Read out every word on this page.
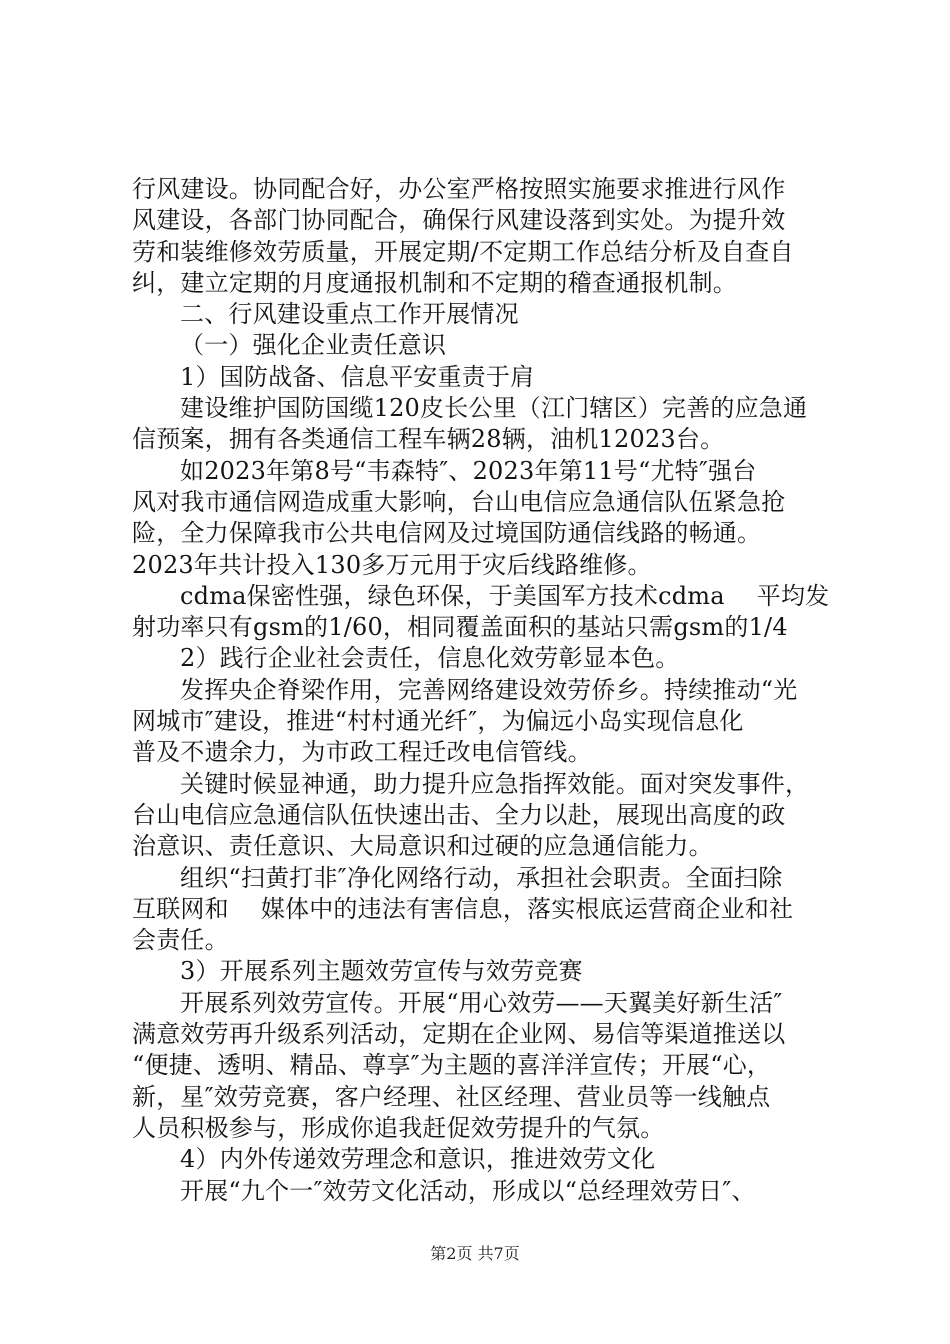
行风建设。协同配合好，办公室严格按照实施要求推进行风作
风建设，各部门协同配合，确保行风建设落到实处。为提升效
劳和装维修效劳质量，开展定期/不定期工作总结分析及自查自
纠，建立定期的月度通报机制和不定期的稽查通报机制。
二、行风建设重点工作开展情况
（一）强化企业责任意识
1）国防战备、信息平安重责于肩
建设维护国防国缆120皮长公里（江门辖区）完善的应急通
信预案，拥有各类通信工程车辆28辆，油机12023台。
如2023年第8号“韦森特″、2023年第11号“尤特″强台
风对我市通信网造成重大影响，台山电信应急通信队伍紧急抢
险，全力保障我市公共电信网及过境国防通信线路的畅通。
2023年共计投入130多万元用于灾后线路维修。
cdma保密性强，绿色环保，于美国军方技术cdma　 平均发
射功率只有gsm的1/60，相同覆盖面积的基站只需gsm的1/4
2）践行企业社会责任，信息化效劳彰显本色。
发挥央企脊梁作用，完善网络建设效劳侨乡。持续推动“光
网城市″建设，推进“村村通光纤″，为偏远小岛实现信息化
普及不遗余力，为市政工程迁改电信管线。
关键时候显神通，助力提升应急指挥效能。面对突发事件，
台山电信应急通信队伍快速出击、全力以赴，展现出高度的政
治意识、责任意识、大局意识和过硬的应急通信能力。
组织“扫黄打非″净化网络行动，承担社会职责。全面扫除
互联网和　 媒体中的违法有害信息，落实根底运营商企业和社
会责任。
3）开展系列主题效劳宣传与效劳竞赛
开展系列效劳宣传。开展“用心效劳——天翼美好新生活″
满意效劳再升级系列活动，定期在企业网、易信等渠道推送以
“便捷、透明、精品、尊享″为主题的喜洋洋宣传；开展“心，
新，星″效劳竞赛，客户经理、社区经理、营业员等一线触点
人员积极参与，形成你追我赶促效劳提升的气氛。
4）内外传递效劳理念和意识，推进效劳文化
开展“九个一″效劳文化活动，形成以“总经理效劳日″、
第2页 共7页
